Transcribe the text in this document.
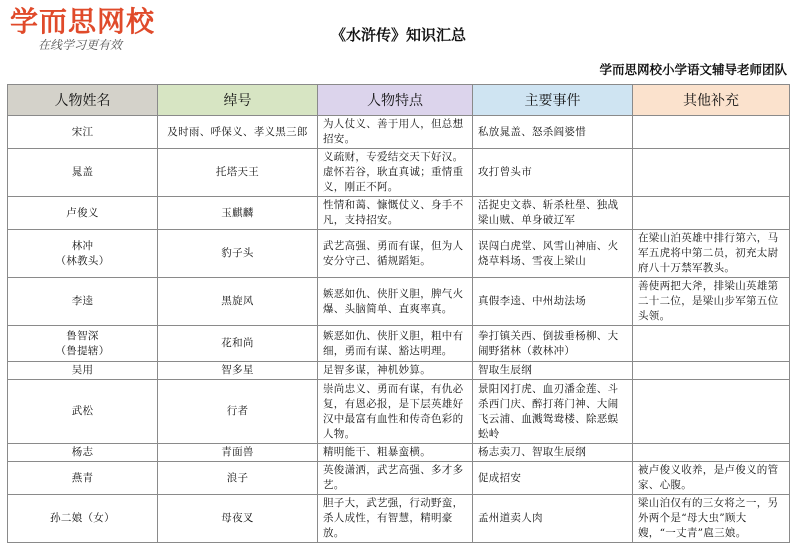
学而思网校
在线学习更有效
《水浒传》知识汇总
学而思网校小学语文辅导老师团队
人物姓名	绰号	人物特点	主要事件	其他补充
宋江	及时雨、呼保义、孝义黑三郎	为人仗义、善于用人，但总想招安。	私放晁盖、怒杀阎婆惜	
晁盖	托塔天王	义疏财，专爱结交天下好汉。虚怀若谷，耿直真诚；重情重义，刚正不阿。	攻打曾头市	
卢俊义	玉麒麟	性情和蔼、慷慨仗义、身手不凡，支持招安。	活捉史文恭、斩杀杜壆、独战梁山贼、单身破辽军	

林冲
（林教头）	豹子头	武艺高强、勇而有谋，但为人安分守己、循规蹈矩。	误闯白虎堂、风雪山神庙、火烧草料场、雪夜上梁山	在梁山泊英雄中排行第六，马军五虎将中第二员，初充太尉府八十万禁军教头。
李逵	黑旋风	嫉恶如仇、侠肝义胆，脾气火爆、头脑简单、直爽率真。	真假李逵、中州劫法场	善使两把大斧，排梁山英雄第二十二位，是梁山步军第五位头领。

鲁智深
（鲁提辖）	花和尚	嫉恶如仇、侠肝义胆，粗中有细，勇而有谋、豁达明理。	拳打镇关西、倒拔垂杨柳、大闹野猪林（救林冲）	
吴用	智多星	足智多谋，神机妙算。	智取生辰纲	
武松	行者	崇尚忠义、勇而有谋，有仇必复，有恩必报，是下层英雄好汉中最富有血性和传奇色彩的人物。	景阳冈打虎、血刃潘金莲、斗杀西门庆、醉打蒋门神、大闹飞云浦、血溅鸳鸯楼、除恶蜈蚣岭	
杨志	青面兽	精明能干、粗暴蛮横。	杨志卖刀、智取生辰纲	
燕青	浪子	英俊潇洒，武艺高强、多才多艺。	促成招安	被卢俊义收养，是卢俊义的管家、心腹。
孙二娘（女）	母夜叉	胆子大，武艺强，行动野蛮，杀人成性，有智慧，精明豪放。	孟州道卖人肉	梁山泊仅有的三女将之一，另外两个是“母大虫”顾大嫂，“一丈青”扈三娘。
